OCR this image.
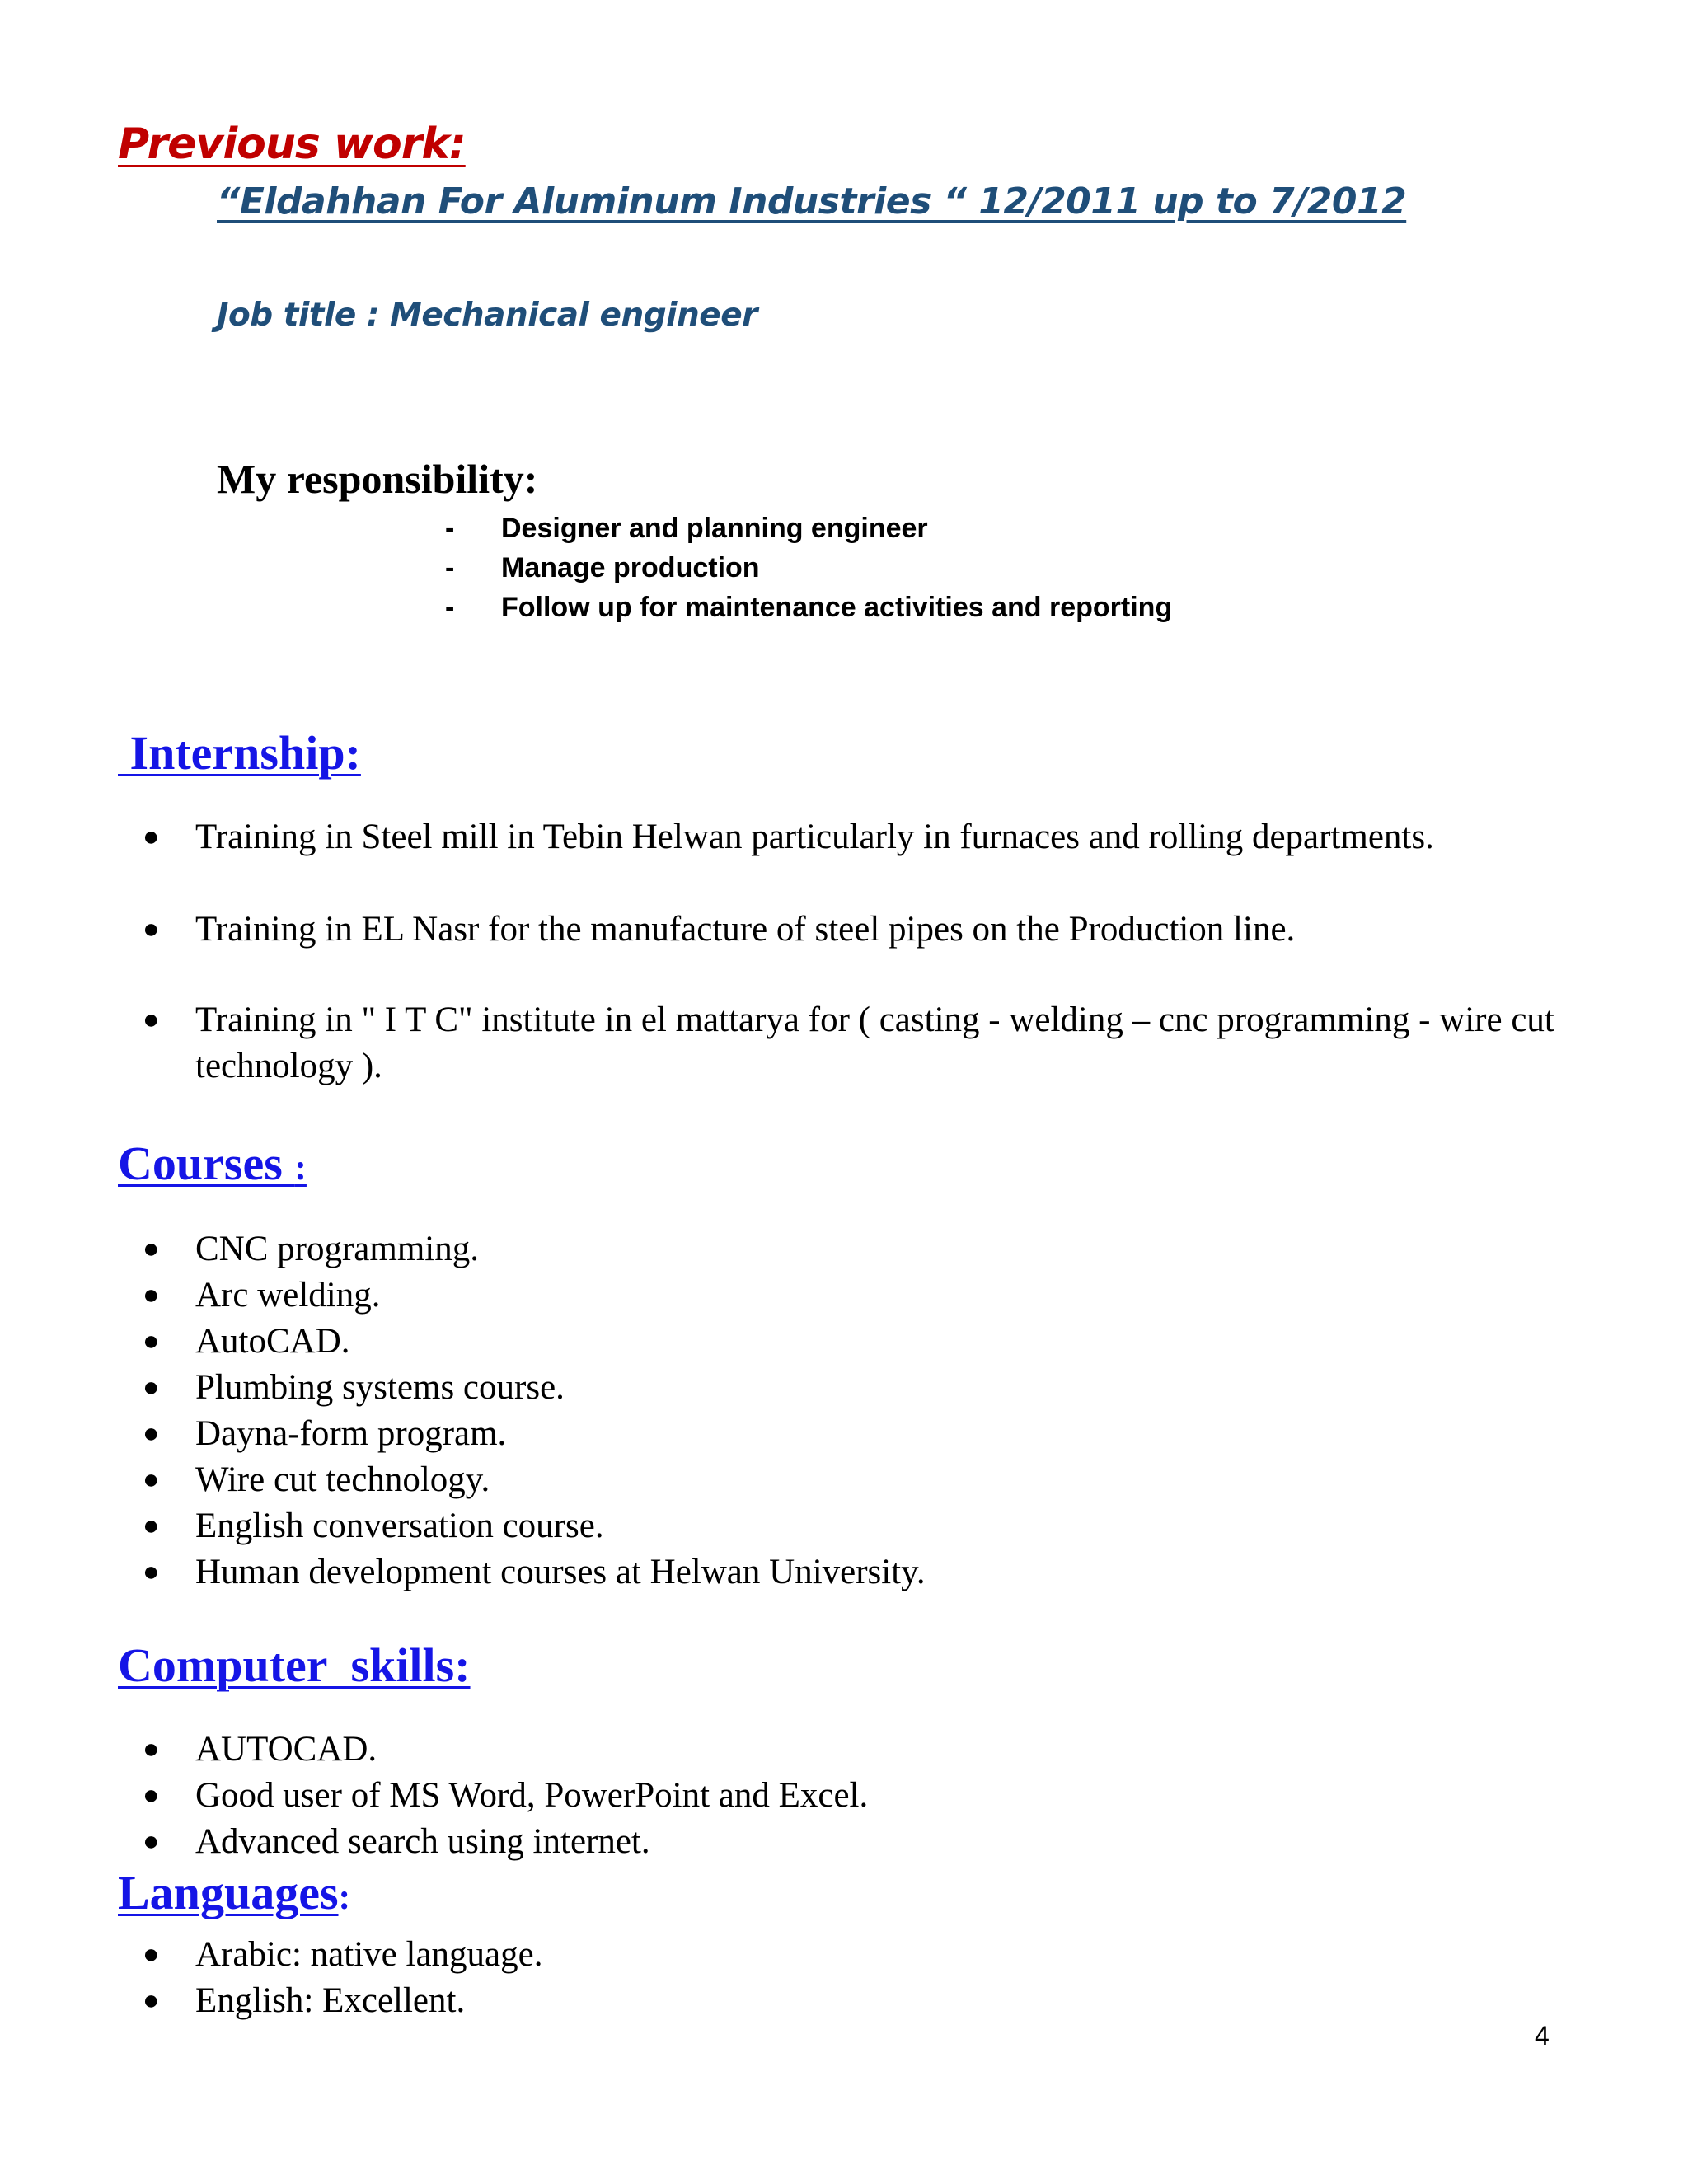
Previous work:
“Eldahhan For Aluminum Industries “ 12/2011 up to 7/2012
Job title : Mechanical engineer
My responsibility:
- Designer and planning engineer
- Manage production
- Follow up for maintenance activities and reporting
Internship:
● Training in Steel mill in Tebin Helwan particularly in furnaces and rolling departments.
● Training in EL Nasr for the manufacture of steel pipes on the Production line.
● Training in " I T C" institute in el mattarya for ( casting - welding – cnc programming - wire cut technology ).
Courses :
● CNC programming.
● Arc welding.
● AutoCAD.
● Plumbing systems course.
● Dayna-form program.
● Wire cut technology.
● English conversation course.
● Human development courses at Helwan University.
Computer  skills:
● AUTOCAD.
● Good user of MS Word, PowerPoint and Excel.
● Advanced search using internet.
Languages:
● Arabic: native language.
● English: Excellent.
4
